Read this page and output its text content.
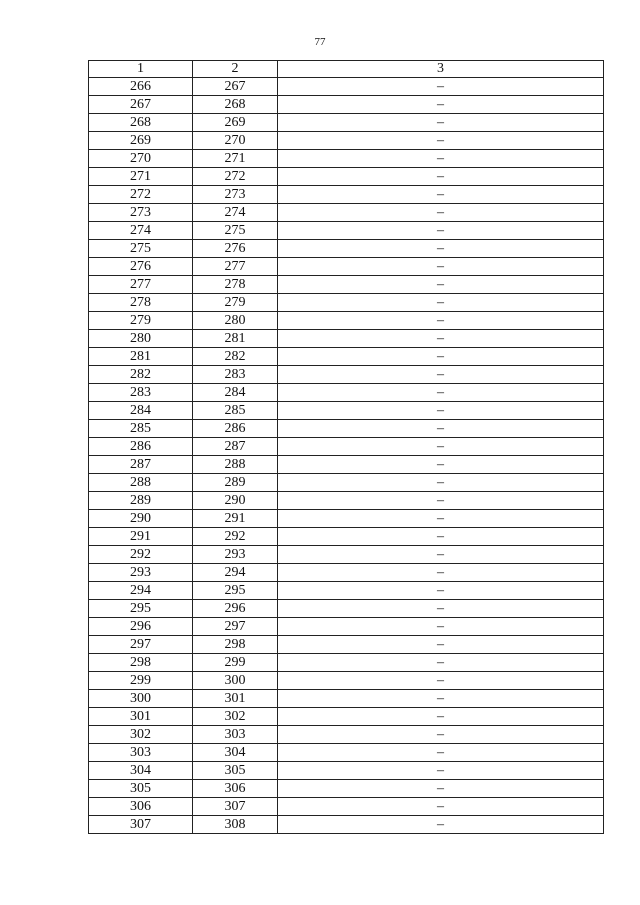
77
1	2	3
266	267	–
267	268	–
268	269	–
269	270	–
270	271	–
271	272	–
272	273	–
273	274	–
274	275	–
275	276	–
276	277	–
277	278	–
278	279	–
279	280	–
280	281	–
281	282	–
282	283	–
283	284	–
284	285	–
285	286	–
286	287	–
287	288	–
288	289	–
289	290	–
290	291	–
291	292	–
292	293	–
293	294	–
294	295	–
295	296	–
296	297	–
297	298	–
298	299	–
299	300	–
300	301	–
301	302	–
302	303	–
303	304	–
304	305	–
305	306	–
306	307	–
307	308	–
